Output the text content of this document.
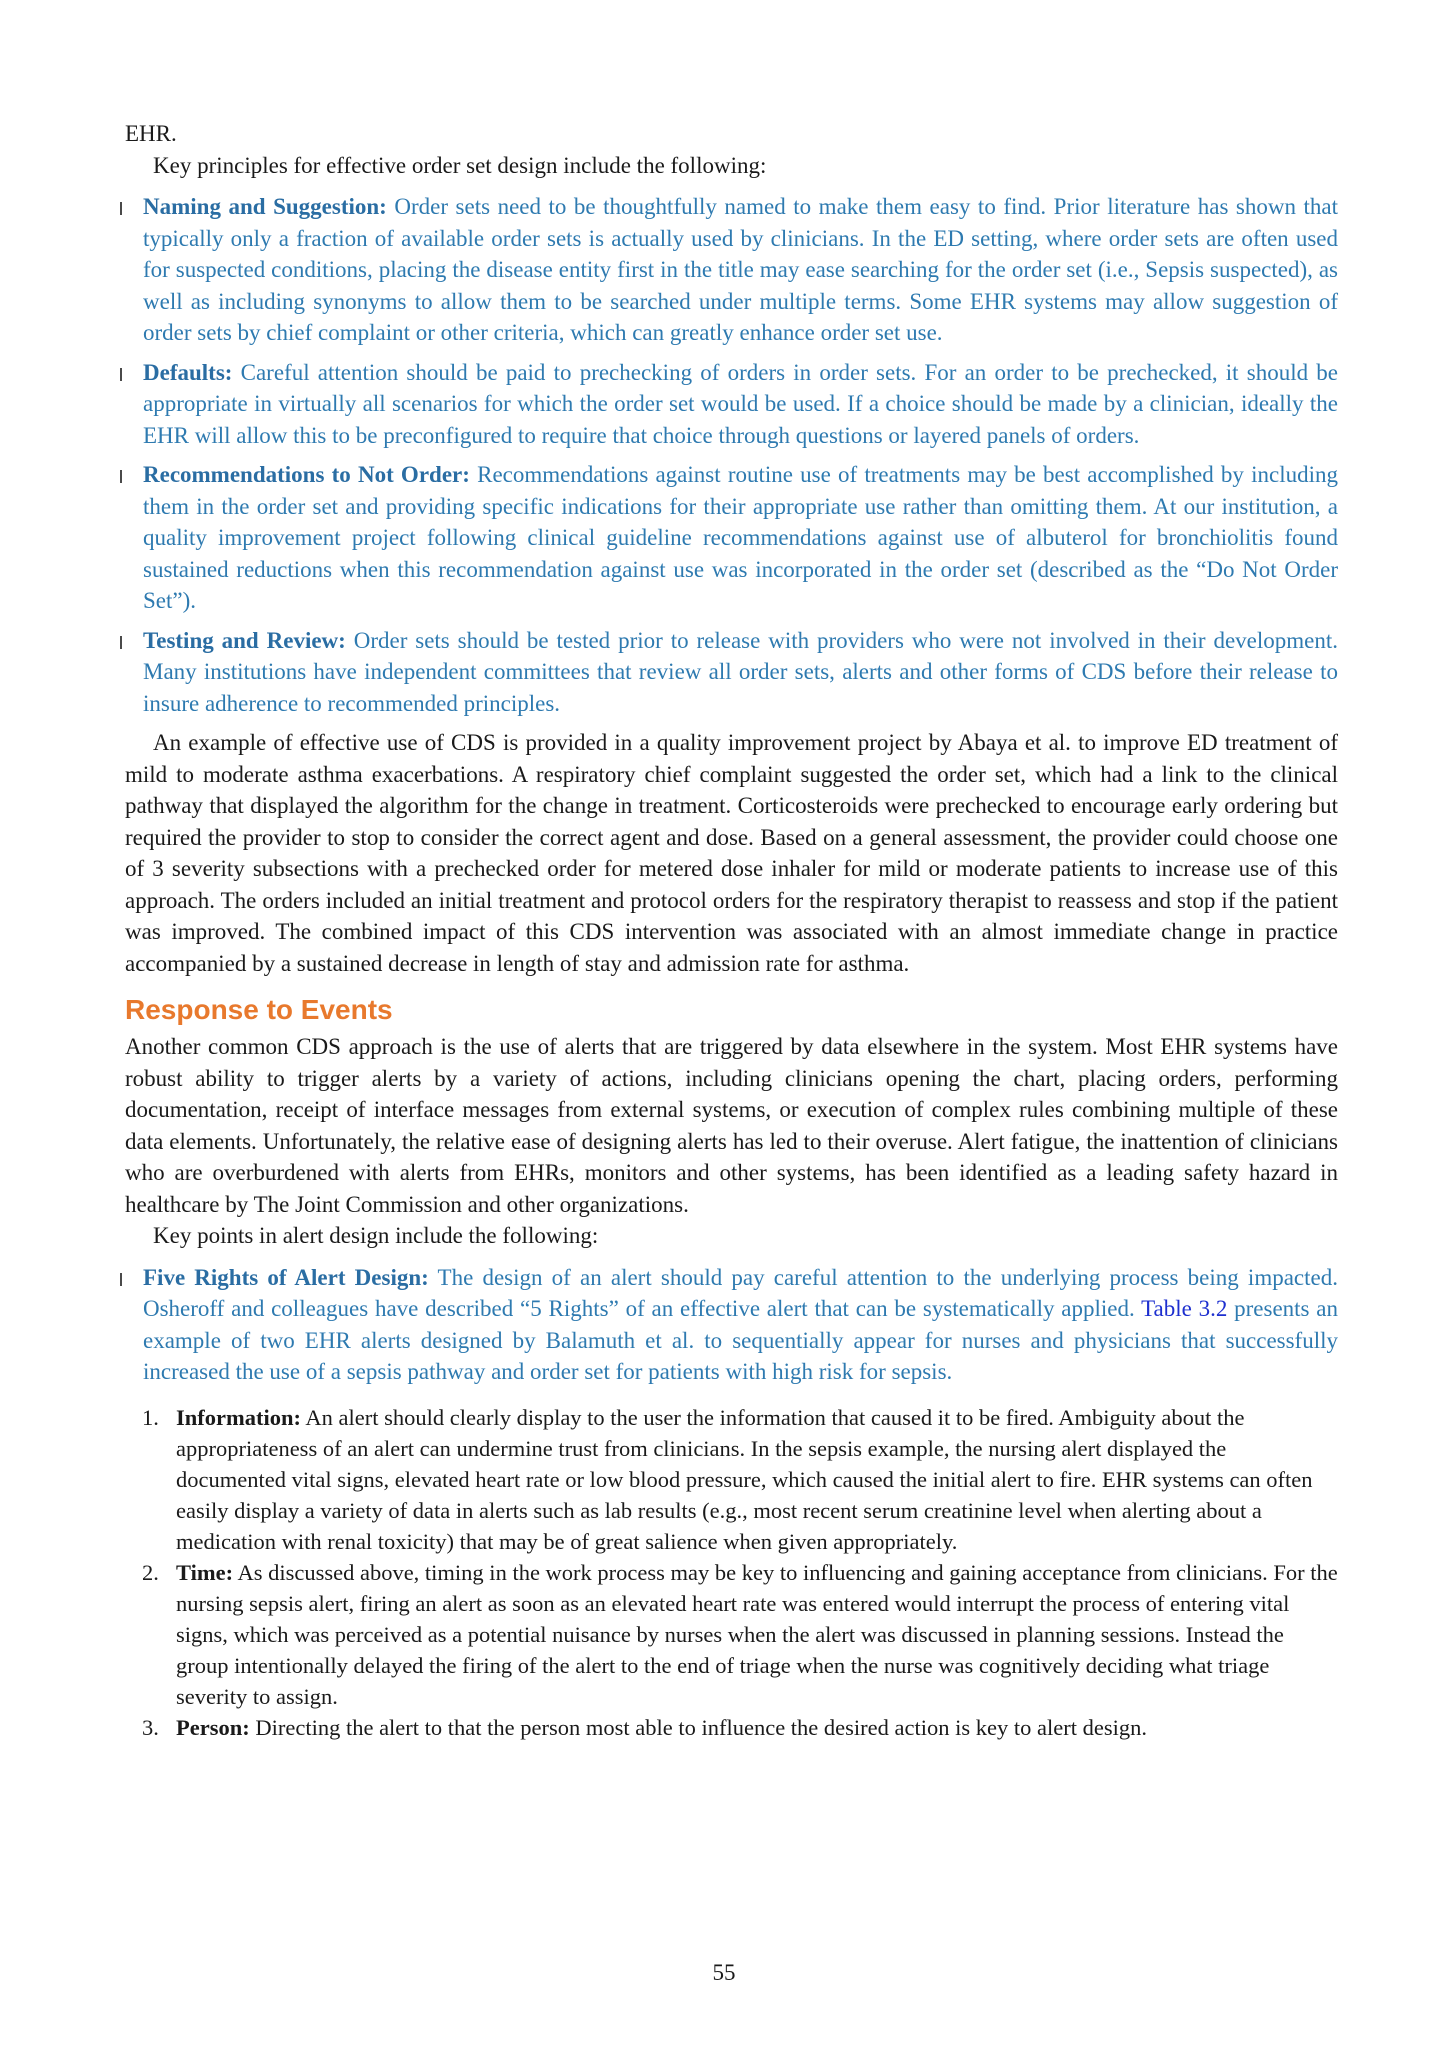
EHR.

Key principles for effective order set design include the following:

Naming and Suggestion: Order sets need to be thoughtfully named to make them easy to find. Prior literature has shown that typically only a fraction of available order sets is actually used by clinicians. In the ED setting, where order sets are often used for suspected conditions, placing the disease entity first in the title may ease searching for the order set (i.e., Sepsis suspected), as well as including synonyms to allow them to be searched under multiple terms. Some EHR systems may allow suggestion of order sets by chief complaint or other criteria, which can greatly enhance order set use.
Defaults: Careful attention should be paid to prechecking of orders in order sets. For an order to be prechecked, it should be appropriate in virtually all scenarios for which the order set would be used. If a choice should be made by a clinician, ideally the EHR will allow this to be preconfigured to require that choice through questions or layered panels of orders.
Recommendations to Not Order: Recommendations against routine use of treatments may be best accomplished by including them in the order set and providing specific indications for their appropriate use rather than omitting them. At our institution, a quality improvement project following clinical guideline recommendations against use of albuterol for bronchiolitis found sustained reductions when this recommendation against use was incorporated in the order set (described as the “Do Not Order Set”).
Testing and Review: Order sets should be tested prior to release with providers who were not involved in their development. Many institutions have independent committees that review all order sets, alerts and other forms of CDS before their release to insure adherence to recommended principles.

An example of effective use of CDS is provided in a quality improvement project by Abaya et al. to improve ED treatment of mild to moderate asthma exacerbations. A respiratory chief complaint suggested the order set, which had a link to the clinical pathway that displayed the algorithm for the change in treatment. Corticosteroids were prechecked to encourage early ordering but required the provider to stop to consider the correct agent and dose. Based on a general assessment, the provider could choose one of 3 severity subsections with a prechecked order for metered dose inhaler for mild or moderate patients to increase use of this approach. The orders included an initial treatment and protocol orders for the respiratory therapist to reassess and stop if the patient was improved. The combined impact of this CDS intervention was associated with an almost immediate change in practice accompanied by a sustained decrease in length of stay and admission rate for asthma.

Response to Events

Another common CDS approach is the use of alerts that are triggered by data elsewhere in the system. Most EHR systems have robust ability to trigger alerts by a variety of actions, including clinicians opening the chart, placing orders, performing documentation, receipt of interface messages from external systems, or execution of complex rules combining multiple of these data elements. Unfortunately, the relative ease of designing alerts has led to their overuse. Alert fatigue, the inattention of clinicians who are overburdened with alerts from EHRs, monitors and other systems, has been identified as a leading safety hazard in healthcare by The Joint Commission and other organizations.

Key points in alert design include the following:

Five Rights of Alert Design: The design of an alert should pay careful attention to the underlying process being impacted. Osheroff and colleagues have described “5 Rights” of an effective alert that can be systematically applied. Table 3.2 presents an example of two EHR alerts designed by Balamuth et al. to sequentially appear for nurses and physicians that successfully increased the use of a sepsis pathway and order set for patients with high risk for sepsis.
1. Information: An alert should clearly display to the user the information that caused it to be fired. Ambiguity about the appropriateness of an alert can undermine trust from clinicians. In the sepsis example, the nursing alert displayed the documented vital signs, elevated heart rate or low blood pressure, which caused the initial alert to fire. EHR systems can often easily display a variety of data in alerts such as lab results (e.g., most recent serum creatinine level when alerting about a medication with renal toxicity) that may be of great salience when given appropriately.
2. Time: As discussed above, timing in the work process may be key to influencing and gaining acceptance from clinicians. For the nursing sepsis alert, firing an alert as soon as an elevated heart rate was entered would interrupt the process of entering vital signs, which was perceived as a potential nuisance by nurses when the alert was discussed in planning sessions. Instead the group intentionally delayed the firing of the alert to the end of triage when the nurse was cognitively deciding what triage severity to assign.
3. Person: Directing the alert to that the person most able to influence the desired action is key to alert design.
55
